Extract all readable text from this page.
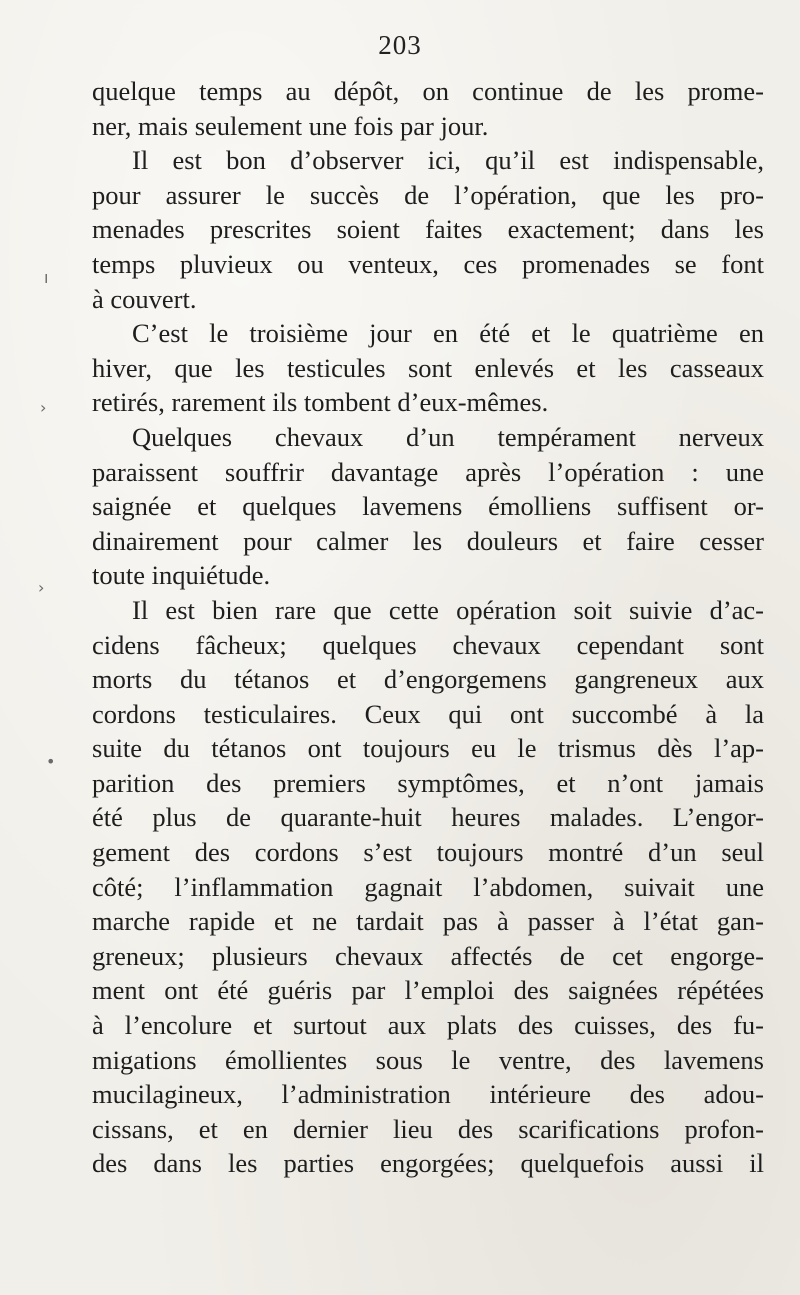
203
quelque temps au dépôt, on continue de les prome-
ner, mais seulement une fois par jour.
Il est bon d’observer ici, qu’il est indispensable,
pour assurer le succès de l’opération, que les pro-
menades prescrites soient faites exactement; dans les
temps pluvieux ou venteux, ces promenades se font
à couvert.
C’est le troisième jour en été et le quatrième en
hiver, que les testicules sont enlevés et les casseaux
retirés, rarement ils tombent d’eux-mêmes.
Quelques chevaux d’un tempérament nerveux
paraissent souffrir davantage après l’opération : une
saignée et quelques lavemens émolliens suffisent or-
dinairement pour calmer les douleurs et faire cesser
toute inquiétude.
Il est bien rare que cette opération soit suivie d’ac-
cidens fâcheux; quelques chevaux cependant sont
morts du tétanos et d’engorgemens gangreneux aux
cordons testiculaires. Ceux qui ont succombé à la
suite du tétanos ont toujours eu le trismus dès l’ap-
parition des premiers symptômes, et n’ont jamais
été plus de quarante-huit heures malades. L’engor-
gement des cordons s’est toujours montré d’un seul
côté; l’inflammation gagnait l’abdomen, suivait une
marche rapide et ne tardait pas à passer à l’état gan-
greneux; plusieurs chevaux affectés de cet engorge-
ment ont été guéris par l’emploi des saignées répétées
à l’encolure et surtout aux plats des cuisses, des fu-
migations émollientes sous le ventre, des lavemens
mucilagineux, l’administration intérieure des adou-
cissans, et en dernier lieu des scarifications profon-
des dans les parties engorgées; quelquefois aussi il
ı
›
›
•
